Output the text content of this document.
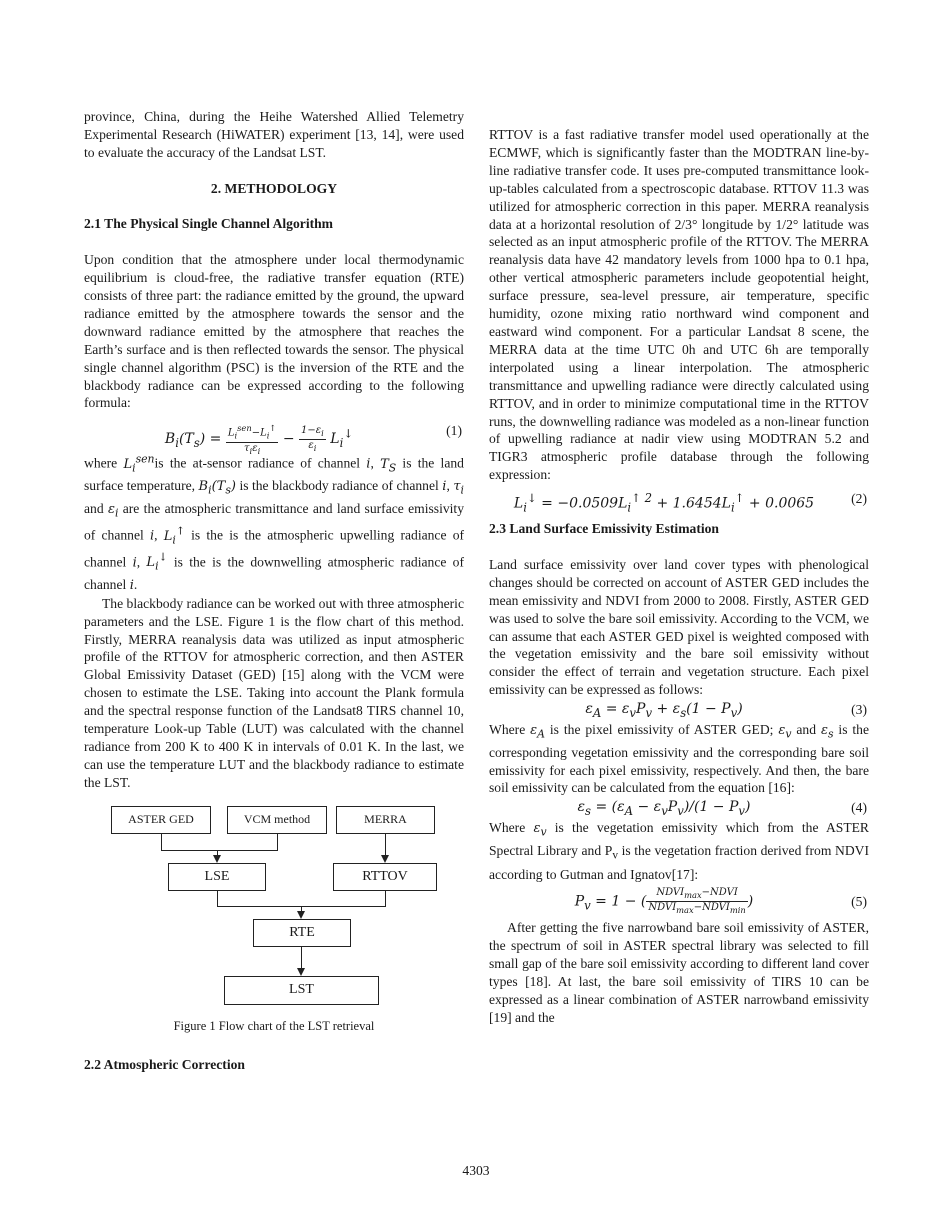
province, China, during the Heihe Watershed Allied Telemetry Experimental Research (HiWATER) experiment [13, 14], were used to evaluate the accuracy of the Landsat LST.

2. METHODOLOGY

2.1 The Physical Single Channel Algorithm

Upon condition that the atmosphere under local thermodynamic equilibrium is cloud-free, the radiative transfer equation (RTE) consists of three part: the radiance emitted by the ground, the upward radiance emitted by the atmosphere towards the sensor and the downward radiance emitted by the atmosphere that reaches the Earth’s surface and is then reflected towards the sensor. The physical single channel algorithm (PSC) is the inversion of the RTE and the blackbody radiance can be expressed according to the following formula:

$B_i(T_s) = \frac{L_i^{sen}-L_i^↑}{\tau_i\varepsilon_i} - \frac{1-\varepsilon_i}{\varepsilon_i} L_i^↓$	(1)

where $L_i^{sen}is$ the at-sensor radiance of channel i, $T_S$ is the land surface temperature, $B_i(T_s)$ is the blackbody radiance of channel i, $\tau_i$ and $\varepsilon_i$ are the atmospheric transmittance and land surface emissivity of channel i, $L_i^↑$ is the is the atmospheric upwelling radiance of channel i, $L_i^↓$ is the is the downwelling atmospheric radiance of channel i.

The blackbody radiance can be worked out with three atmospheric parameters and the LSE. Figure 1 is the flow chart of this method. Firstly, MERRA reanalysis data was utilized as input atmospheric profile of the RTTOV for atmospheric correction, and then ASTER Global Emissivity Dataset (GED) [15] along with the VCM were chosen to estimate the LSE. Taking into account the Plank formula and the spectral response function of the Landsat8 TIRS channel 10, temperature Look-up Table (LUT) was calculated with the channel radiance from 200 K to 400 K in intervals of 0.01 K. In the last, we can use the temperature LUT and the blackbody radiance to estimate the LST.

ASTER GED	VCM method	MERRA
LSE	RTTOV
RTE
LST
Figure 1 Flow chart of the LST retrieval

2.2 Atmospheric Correction

RTTOV is a fast radiative transfer model used operationally at the ECMWF, which is significantly faster than the MODTRAN line-by-line radiative transfer code. It uses pre-computed transmittance look-up-tables calculated from a spectroscopic database. RTTOV 11.3 was utilized for atmospheric correction in this paper. MERRA reanalysis data at a horizontal resolution of 2/3° longitude by 1/2° latitude was selected as an input atmospheric profile of the RTTOV. The MERRA reanalysis data have 42 mandatory levels from 1000 hpa to 0.1 hpa, other vertical atmospheric parameters include geopotential height, surface pressure, sea-level pressure, air temperature, specific humidity, ozone mixing ratio northward wind component and eastward wind component. For a particular Landsat 8 scene, the MERRA data at the time UTC 0h and UTC 6h are temporally interpolated using a linear interpolation. The atmospheric transmittance and upwelling radiance were directly calculated using RTTOV, and in order to minimize computational time in the RTTOV runs, the downwelling radiance was modeled as a non-linear function of upwelling radiance at nadir view using MODTRAN 5.2 and TIGR3 atmospheric profile database through the following expression:

$L_i^↓ = -0.0509L_i^{↑ 2} + 1.6454L_i^↑ + 0.0065$	(2)

2.3 Land Surface Emissivity Estimation

Land surface emissivity over land cover types with phenological changes should be corrected on account of ASTER GED includes the mean emissivity and NDVI from 2000 to 2008. Firstly, ASTER GED was used to solve the bare soil emissivity. According to the VCM, we can assume that each ASTER GED pixel is weighted composed with the vegetation emissivity and the bare soil emissivity without consider the effect of terrain and vegetation structure. Each pixel emissivity can be expressed as follows:

$\varepsilon_A = \varepsilon_vP_v + \varepsilon_s(1 - P_v)$	(3)

Where $\varepsilon_A$ is the pixel emissivity of ASTER GED; $\varepsilon_v$ and $\varepsilon_s$ is the corresponding vegetation emissivity and the corresponding bare soil emissivity for each pixel emissivity, respectively. And then, the bare soil emissivity can be calculated from the equation [16]:

$\varepsilon_s = (\varepsilon_A - \varepsilon_vP_v)/(1 - P_v)$	(4)

Where $\varepsilon_v$ is the vegetation emissivity which from the ASTER Spectral Library and $P_v$ is the vegetation fraction derived from NDVI according to Gutman and Ignatov[17]:

$P_v = 1$ − ( $\frac{NDVI_{max}-NDVI}{NDVI_{max}-NDVI_{min}}$ )	(5)

After getting the five narrowband bare soil emissivity of ASTER, the spectrum of soil in ASTER spectral library was selected to fill small gap of the bare soil emissivity according to different land cover types [18]. At last, the bare soil emissivity of TIRS 10 can be expressed as a linear combination of ASTER narrowband emissivity [19] and the

4303
